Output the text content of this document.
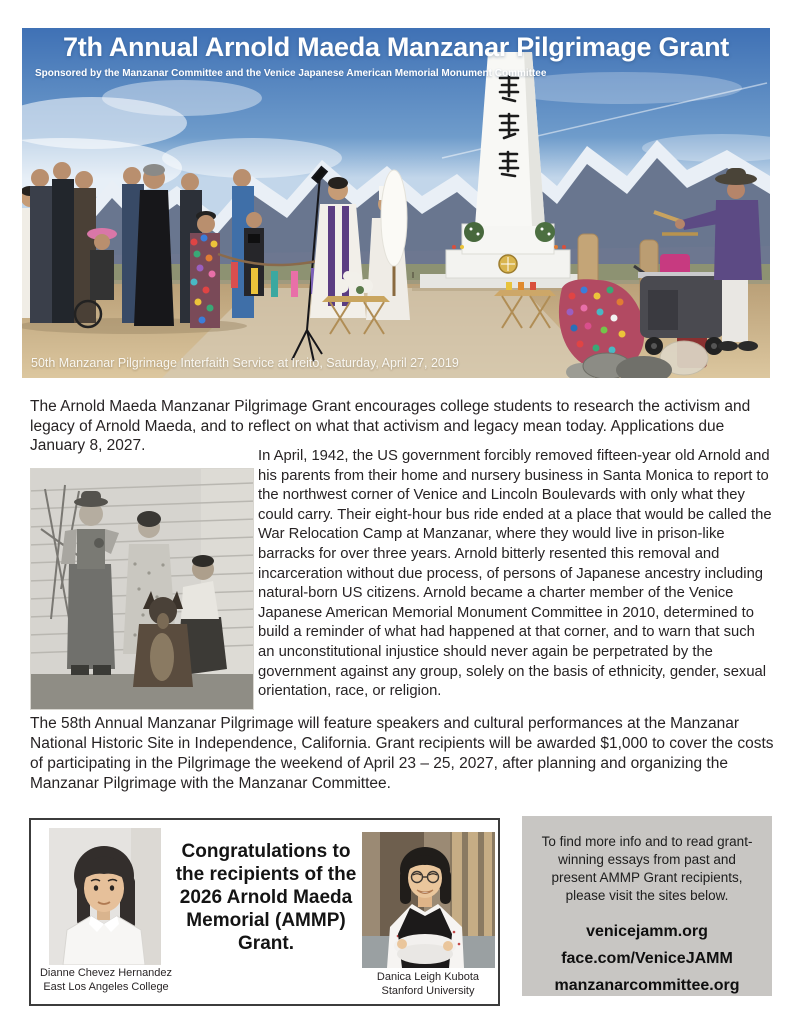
7th Annual Arnold Maeda Manzanar Pilgrimage Grant
Sponsored by the Manzanar Committee and the Venice Japanese American Memorial Monument Committee
50th Manzanar Pilgrimage Interfaith Service at Ireito, Saturday, April 27, 2019
The Arnold Maeda Manzanar Pilgrimage Grant encourages college students to research the activism and legacy of Arnold Maeda, and to reflect on what that activism and legacy mean today. Applications due January 8, 2027.
In April, 1942, the US government forcibly removed fifteen-year old Arnold and his parents from their home and nursery business in Santa Monica to report to the northwest corner of Venice and Lincoln Boulevards with only what they could carry. Their eight-hour bus ride ended at a place that would be called the War Relocation Camp at Manzanar, where they would live in prison-like barracks for over three years. Arnold bitterly resented this removal and incarceration without due process, of persons of Japanese ancestry including natural-born US citizens. Arnold became a charter member of the Venice Japanese American Memorial Monument Committee in 2010, determined to build a reminder of what had happened at that corner, and to warn that such an unconstitutional injustice should never again be perpetrated by the government against any group, solely on the basis of ethnicity, gender, sexual orientation, race, or religion.
The 58th Annual Manzanar Pilgrimage will feature speakers and cultural performances at the Manzanar National Historic Site in Independence, California. Grant recipients will be awarded $1,000 to cover the costs of participating in the Pilgrimage the weekend of April 23 – 25, 2027, after planning and organizing the Manzanar Pilgrimage with the Manzanar Committee.
Dianne Chevez Hernandez
East Los Angeles College
Congratulations to the recipients of the 2026 Arnold Maeda Memorial (AMMP) Grant.
Danica Leigh Kubota
Stanford University
To find more info and to read grant-winning essays from past and present AMMP Grant recipients, please visit the sites below.
venicejamm.org
face.com/VeniceJAMM
manzanarcommittee.org
